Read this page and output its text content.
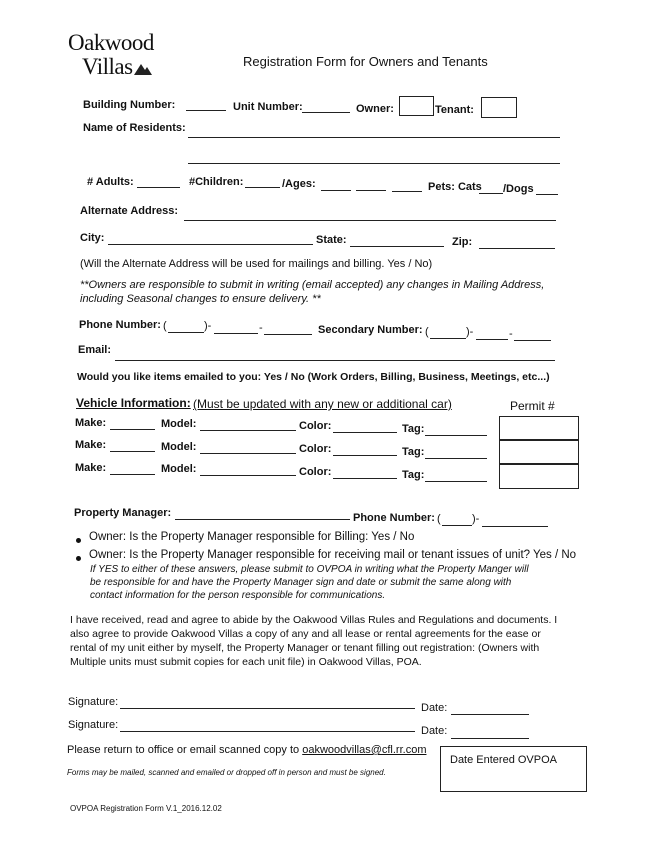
Oakwood
Villas	Registration Form for Owners and Tenants
Building Number:	Unit Number:	Owner:	Tenant:
Name of Residents:
# Adults:	#Children:	/Ages:	Pets: Cats /Dogs
Alternate Address:
City:	State:	Zip:
(Will the Alternate Address will be used for mailings and billing. Yes / No)
**Owners are responsible to submit in writing (email accepted) any changes in Mailing Address,
including Seasonal changes to ensure delivery. **
Phone Number: (	)-	-	Secondary Number: (	)-	-
Email:
Would you like items emailed to you: Yes / No (Work Orders, Billing, Business, Meetings, etc...)
Vehicle Information: (Must be updated with any new or additional car)	Permit #
Make:	Model:	Color:	Tag:
Make:	Model:	Color:	Tag:
Make:	Model:	Color:	Tag:
Property Manager:	Phone Number: (	)-
Owner: Is the Property Manager responsible for Billing: Yes / No
Owner: Is the Property Manager responsible for receiving mail or tenant issues of unit? Yes / No
If YES to either of these answers, please submit to OVPOA in writing what the Property Manger will
be responsible for and have the Property Manager sign and date or submit the same along with
contact information for the person responsible for communications.
I have received, read and agree to abide by the Oakwood Villas Rules and Regulations and documents. I
also agree to provide Oakwood Villas a copy of any and all lease or rental agreements for the ease or
rental of my unit either by myself, the Property Manager or tenant filling out registration: (Owners with
Multiple units must submit copies for each unit file) in Oakwood Villas, POA.
Signature:	Date:
Signature:	Date:
Please return to office or email scanned copy to oakwoodvillas@cfl.rr.com
Date Entered OVPOA
Forms may be mailed, scanned and emailed or dropped off in person and must be signed.
OVPOA Registration Form V.1_2016.12.02
